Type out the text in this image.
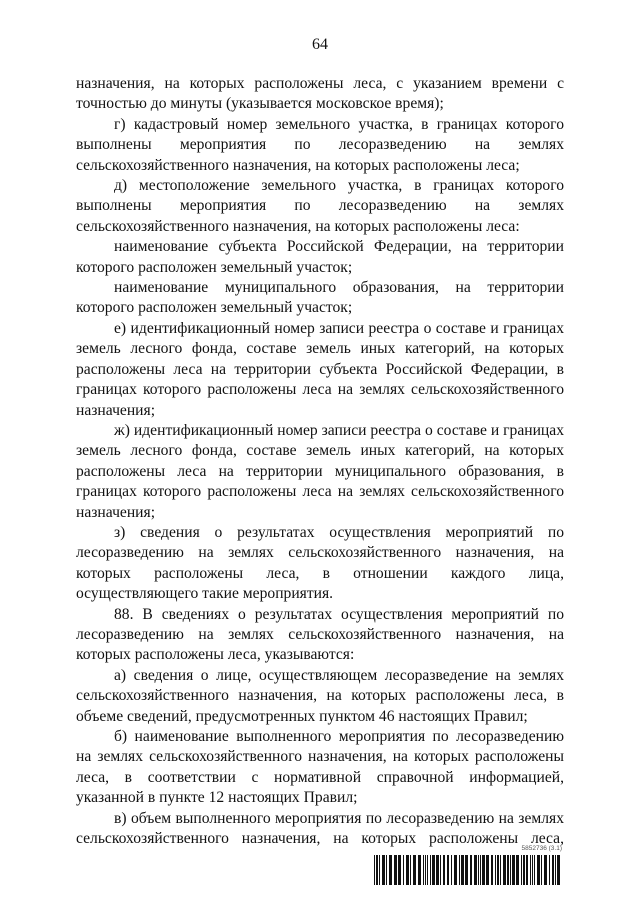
64

назначения, на которых расположены леса, с указанием времени с точностью до минуты (указывается московское время);

г) кадастровый номер земельного участка, в границах которого выполнены мероприятия по лесоразведению на землях сельскохозяйственного назначения, на которых расположены леса;

д) местоположение земельного участка, в границах которого выполнены мероприятия по лесоразведению на землях сельскохозяйственного назначения, на которых расположены леса:

наименование субъекта Российской Федерации, на территории которого расположен земельный участок;

наименование муниципального образования, на территории которого расположен земельный участок;

е) идентификационный номер записи реестра о составе и границах земель лесного фонда, составе земель иных категорий, на которых расположены леса на территории субъекта Российской Федерации, в границах которого расположены леса на землях сельскохозяйственного назначения;

ж) идентификационный номер записи реестра о составе и границах земель лесного фонда, составе земель иных категорий, на которых расположены леса на территории муниципального образования, в границах которого расположены леса на землях сельскохозяйственного назначения;

з) сведения о результатах осуществления мероприятий по лесоразведению на землях сельскохозяйственного назначения, на которых расположены леса, в отношении каждого лица, осуществляющего такие мероприятия.

88. В сведениях о результатах осуществления мероприятий по лесоразведению на землях сельскохозяйственного назначения, на которых расположены леса, указываются:

а) сведения о лице, осуществляющем лесоразведение на землях сельскохозяйственного назначения, на которых расположены леса, в объеме сведений, предусмотренных пунктом 46 настоящих Правил;

б) наименование выполненного мероприятия по лесоразведению на землях сельскохозяйственного назначения, на которых расположены леса, в соответствии с нормативной справочной информацией, указанной в пункте 12 настоящих Правил;

в) объем выполненного мероприятия по лесоразведению на землях сельскохозяйственного назначения, на которых расположены леса,

5852736 (3.1)
